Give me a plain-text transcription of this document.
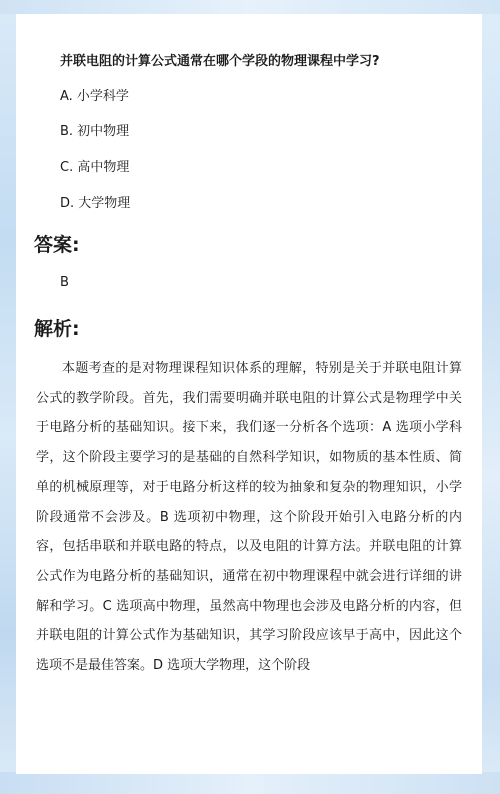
并联电阻的计算公式通常在哪个学段的物理课程中学习?
A. 小学科学
B. 初中物理
C. 高中物理
D. 大学物理
答案:
B
解析:

本题考查的是对物理课程知识体系的理解，特别是关于并联电阻计算公式的教学阶段。首先，我们需要明确并联电阻的计算公式是物理学中关于电路分析的基础知识。接下来，我们逐一分析各个选项：A 选项小学科学，这个阶段主要学习的是基础的自然科学知识，如物质的基本性质、简单的机械原理等，对于电路分析这样的较为抽象和复杂的物理知识，小学阶段通常不会涉及。B 选项初中物理，这个阶段开始引入电路分析的内容，包括串联和并联电路的特点，以及电阻的计算方法。并联电阻的计算公式作为电路分析的基础知识，通常在初中物理课程中就会进行详细的讲解和学习。C 选项高中物理，虽然高中物理也会涉及电路分析的内容，但并联电阻的计算公式作为基础知识，其学习阶段应该早于高中，因此这个选项不是最佳答案。D 选项大学物理，这个阶段
